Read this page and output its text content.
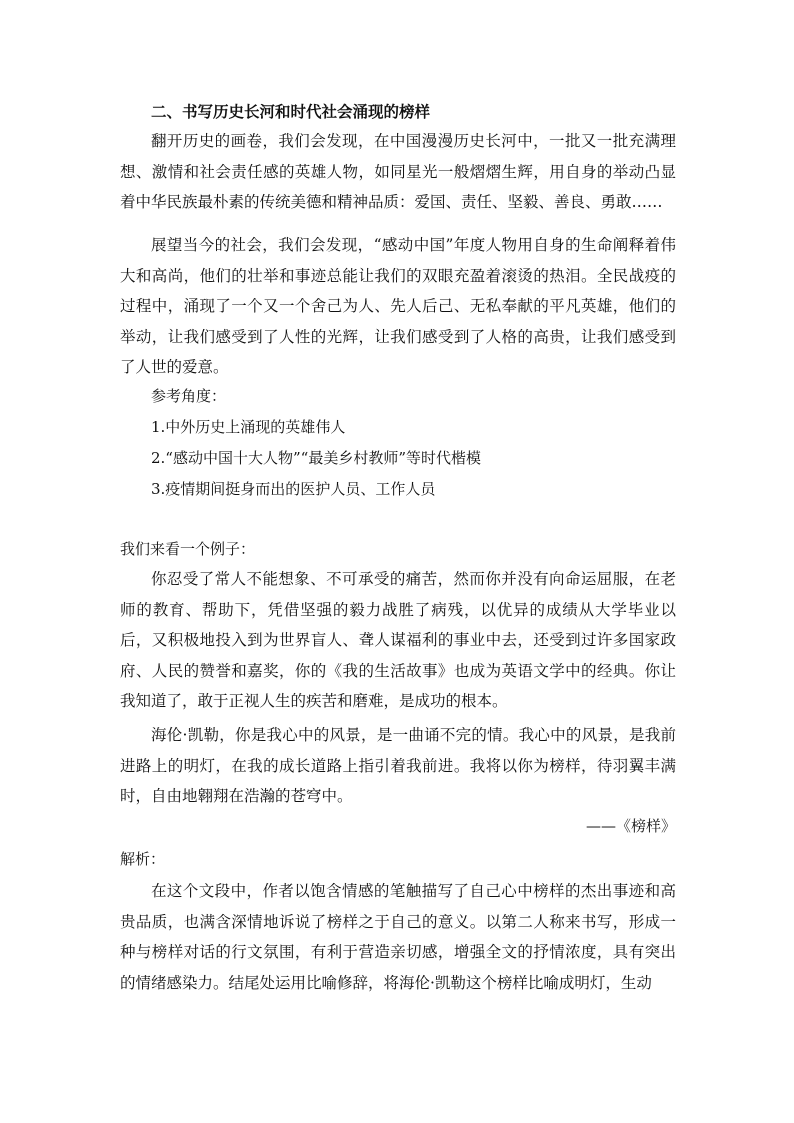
二、书写历史长河和时代社会涌现的榜样

翻开历史的画卷，我们会发现，在中国漫漫历史长河中，一批又一批充满理想、激情和社会责任感的英雄人物，如同星光一般熠熠生辉，用自身的举动凸显着中华民族最朴素的传统美德和精神品质：爱国、责任、坚毅、善良、勇敢……

展望当今的社会，我们会发现，“感动中国”年度人物用自身的生命阐释着伟大和高尚，他们的壮举和事迹总能让我们的双眼充盈着滚烫的热泪。全民战疫的过程中，涌现了一个又一个舍己为人、先人后己、无私奉献的平凡英雄，他们的举动，让我们感受到了人性的光辉，让我们感受到了人格的高贵，让我们感受到了人世的爱意。

参考角度：
1.中外历史上涌现的英雄伟人
2.“感动中国十大人物”“最美乡村教师”等时代楷模
3.疫情期间挺身而出的医护人员、工作人员
我们来看一个例子：

你忍受了常人不能想象、不可承受的痛苦，然而你并没有向命运屈服，在老师的教育、帮助下，凭借坚强的毅力战胜了病残，以优异的成绩从大学毕业以后，又积极地投入到为世界盲人、聋人谋福利的事业中去，还受到过许多国家政府、人民的赞誉和嘉奖，你的《我的生活故事》也成为英语文学中的经典。你让我知道了，敢于正视人生的疾苦和磨难，是成功的根本。

海伦·凯勒，你是我心中的风景，是一曲诵不完的情。我心中的风景，是我前进路上的明灯，在我的成长道路上指引着我前进。我将以你为榜样，待羽翼丰满时，自由地翱翔在浩瀚的苍穹中。

——《榜样》
解析：

在这个文段中，作者以饱含情感的笔触描写了自己心中榜样的杰出事迹和高贵品质，也满含深情地诉说了榜样之于自己的意义。以第二人称来书写，形成一种与榜样对话的行文氛围，有利于营造亲切感，增强全文的抒情浓度，具有突出的情绪感染力。结尾处运用比喻修辞，将海伦·凯勒这个榜样比喻成明灯，生动
